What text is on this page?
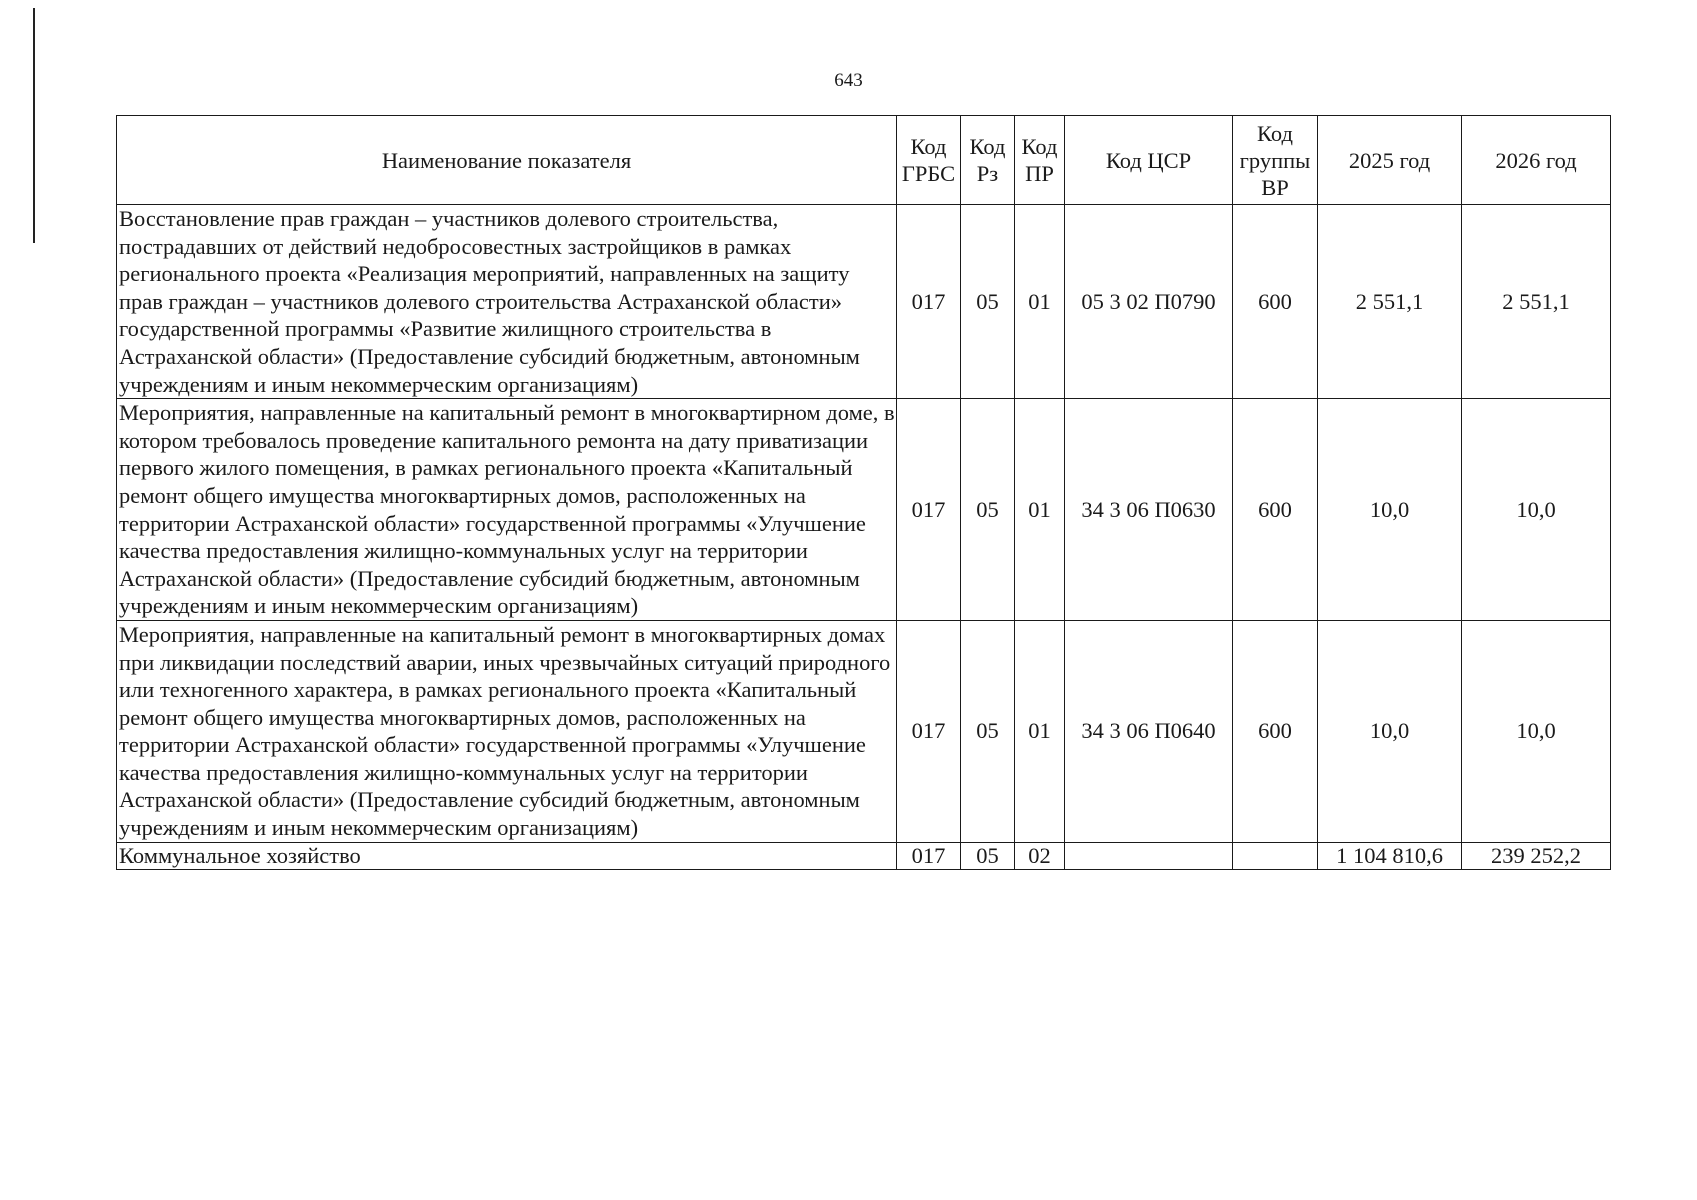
643
Наименование показателя	Код ГРБС	Код Рз	Код ПР	Код ЦСР	Код группы ВР	2025 год	2026 год
Восстановление прав граждан – участников долевого строительства, пострадавших от действий недобросовестных застройщиков в рамках регионального проекта «Реализация мероприятий, направленных на защиту прав граждан – участников долевого строительства Астраханской области» государственной программы «Развитие жилищного строительства в Астраханской области» (Предоставление субсидий бюджетным, автономным учреждениям и иным некоммерческим организациям)	017	05	01	05 3 02 П0790	600	2 551,1	2 551,1
Мероприятия, направленные на капитальный ремонт в многоквартирном доме, в котором требовалось проведение капитального ремонта на дату приватизации первого жилого помещения, в рамках регионального проекта «Капитальный ремонт общего имущества многоквартирных домов, расположенных на территории Астраханской области» государственной программы «Улучшение качества предоставления жилищно-коммунальных услуг на территории Астраханской области» (Предоставление субсидий бюджетным, автономным учреждениям и иным некоммерческим организациям)	017	05	01	34 3 06 П0630	600	10,0	10,0
Мероприятия, направленные на капитальный ремонт в многоквартирных домах при ликвидации последствий аварии, иных чрезвычайных ситуаций природного или техногенного характера, в рамках регионального проекта «Капитальный ремонт общего имущества многоквартирных домов, расположенных на территории Астраханской области» государственной программы «Улучшение качества предоставления жилищно-коммунальных услуг на территории Астраханской области» (Предоставление субсидий бюджетным, автономным учреждениям и иным некоммерческим организациям)	017	05	01	34 3 06 П0640	600	10,0	10,0
Коммунальное хозяйство	017	05	02			1 104 810,6	239 252,2
